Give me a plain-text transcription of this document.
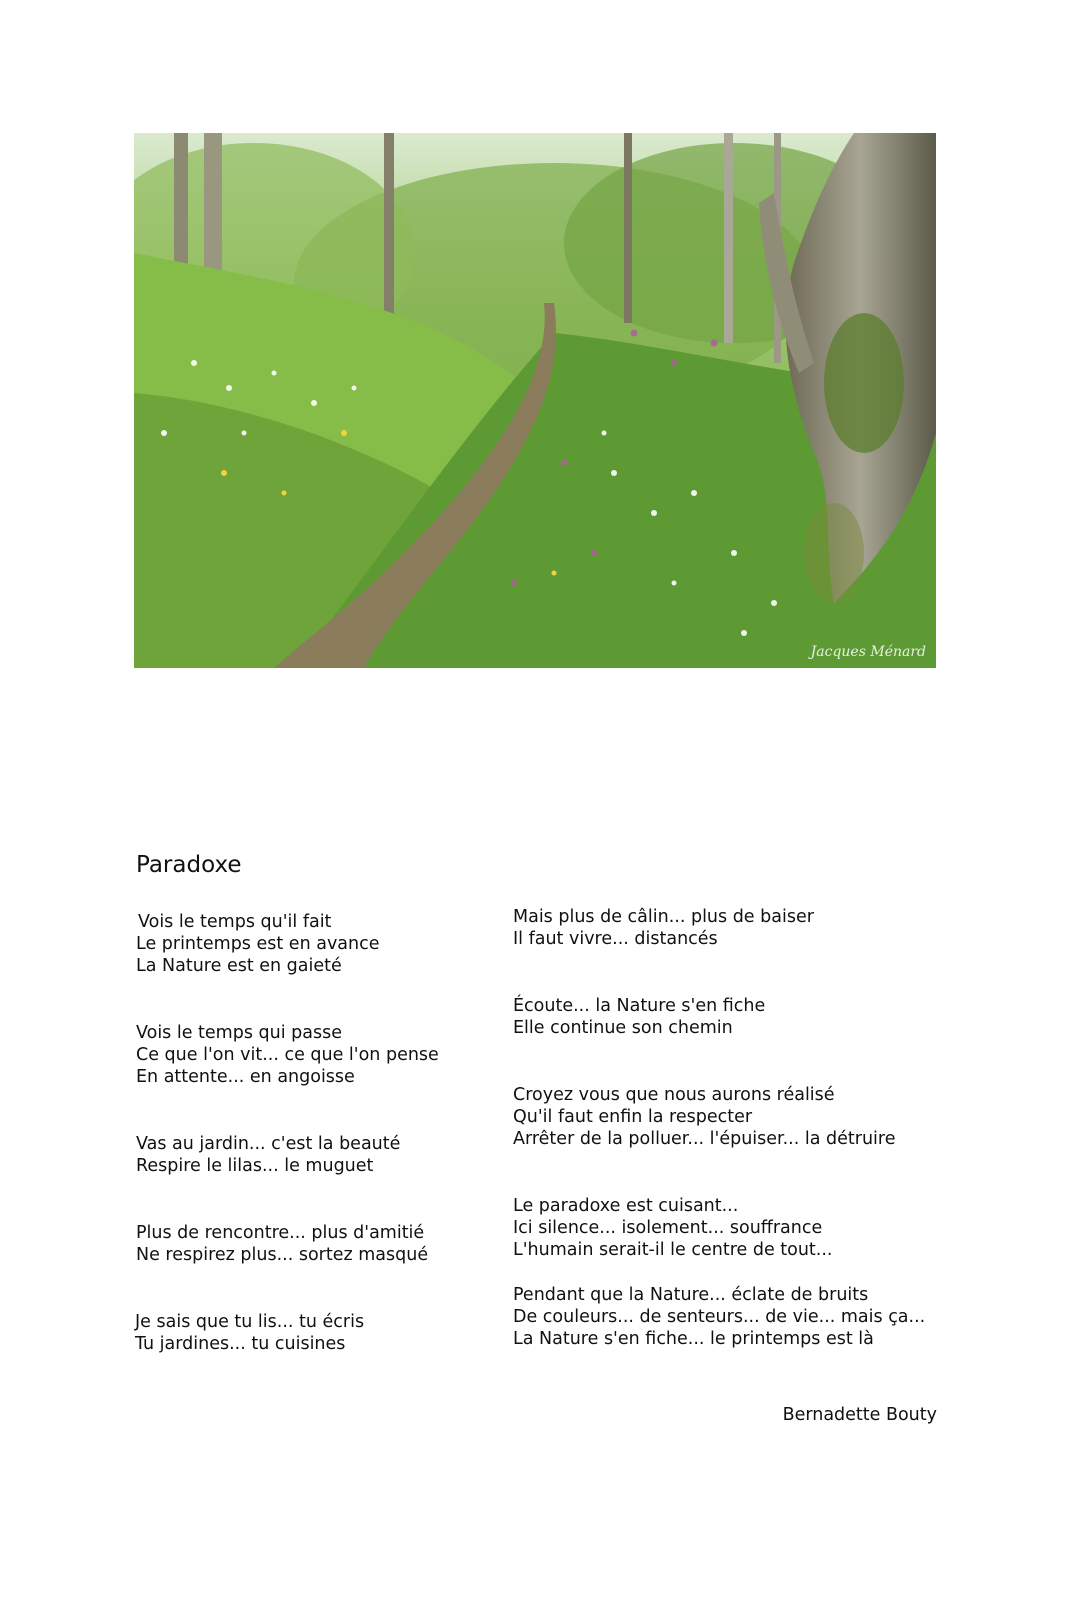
Jacques Ménard
Paradoxe
Vois le temps qu'il fait
Le printemps est en avance
La Nature est en gaieté
Vois le temps qui passe
Ce que l'on vit... ce que l'on pense
En attente... en angoisse
Vas au jardin... c'est la beauté
Respire le lilas... le muguet
Plus de rencontre... plus d'amitié
Ne respirez plus... sortez masqué
Je sais que tu lis... tu écris
Tu jardines... tu cuisines
Mais plus de câlin... plus de baiser
Il faut vivre... distancés
Écoute... la Nature s'en fiche
Elle continue son chemin
Croyez vous que nous aurons réalisé
Qu'il faut enfin la respecter
Arrêter de la polluer... l'épuiser... la détruire
Le paradoxe est cuisant...
Ici silence... isolement... souffrance
L'humain serait-il le centre de tout...
Pendant que la Nature... éclate de bruits
De couleurs... de senteurs... de vie... mais ça...
La Nature s'en fiche... le printemps est là
Bernadette Bouty
